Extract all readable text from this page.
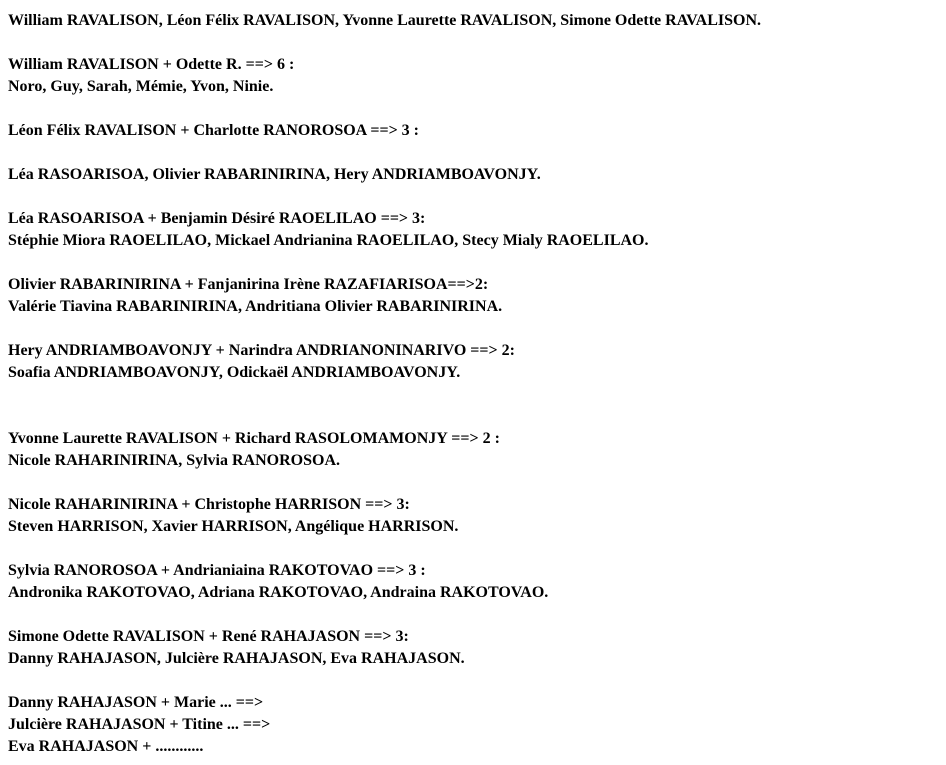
William RAVALISON, Léon Félix RAVALISON, Yvonne Laurette RAVALISON, Simone Odette RAVALISON.
William RAVALISON + Odette R. ==> 6 :
Noro, Guy, Sarah, Mémie, Yvon, Ninie.
Léon Félix RAVALISON + Charlotte RANOROSOA ==> 3 :
Léa RASOARISOA, Olivier RABARINIRINA, Hery ANDRIAMBOAVONJY.
Léa RASOARISOA + Benjamin Désiré RAOELILAO ==> 3:
Stéphie Miora RAOELILAO, Mickael Andrianina RAOELILAO, Stecy Mialy RAOELILAO.
Olivier RABARINIRINA + Fanjanirina Irène RAZAFIARISOA==>2:
Valérie Tiavina RABARINIRINA, Andritiana Olivier RABARINIRINA.
Hery ANDRIAMBOAVONJY + Narindra ANDRIANONINARIVO ==> 2:
Soafia ANDRIAMBOAVONJY, Odickaël ANDRIAMBOAVONJY.
Yvonne Laurette RAVALISON + Richard RASOLOMAMONJY ==> 2 :
Nicole RAHARINIRINA, Sylvia RANOROSOA.
Nicole RAHARINIRINA + Christophe HARRISON ==> 3:
Steven HARRISON, Xavier HARRISON, Angélique HARRISON.
Sylvia RANOROSOA + Andrianiaina RAKOTOVAO ==> 3 :
Andronika RAKOTOVAO, Adriana RAKOTOVAO, Andraina RAKOTOVAO.
Simone Odette RAVALISON + René RAHAJASON ==> 3:
Danny RAHAJASON, Julcière RAHAJASON, Eva RAHAJASON.
Danny RAHAJASON + Marie ... ==>
Julcière RAHAJASON + Titine ... ==>
Eva RAHAJASON + ............
